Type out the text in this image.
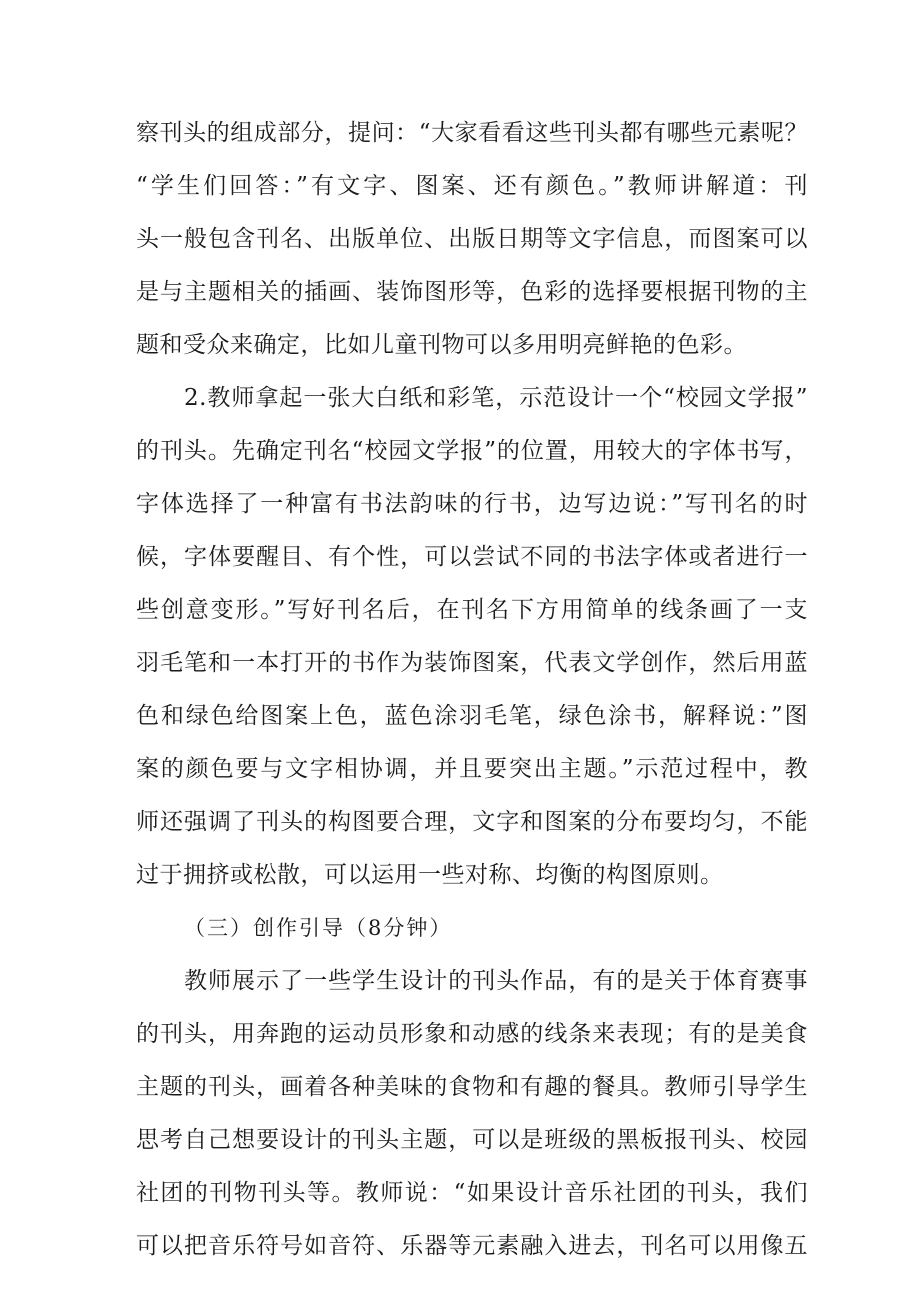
察刊头的组成部分，提问：“大家看看这些刊头都有哪些元素呢？
“学生们回答：”有文字、图案、还有颜色。”教师讲解道：刊
头一般包含刊名、出版单位、出版日期等文字信息，而图案可以
是与主题相关的插画、装饰图形等，色彩的选择要根据刊物的主
题和受众来确定，比如儿童刊物可以多用明亮鲜艳的色彩。
2.教师拿起一张大白纸和彩笔，示范设计一个“校园文学报”
的刊头。先确定刊名“校园文学报”的位置，用较大的字体书写，
字体选择了一种富有书法韵味的行书，边写边说：”写刊名的时
候，字体要醒目、有个性，可以尝试不同的书法字体或者进行一
些创意变形。”写好刊名后，在刊名下方用简单的线条画了一支
羽毛笔和一本打开的书作为装饰图案，代表文学创作，然后用蓝
色和绿色给图案上色，蓝色涂羽毛笔，绿色涂书，解释说：”图
案的颜色要与文字相协调，并且要突出主题。”示范过程中，教
师还强调了刊头的构图要合理，文字和图案的分布要均匀，不能
过于拥挤或松散，可以运用一些对称、均衡的构图原则。
（三）创作引导（8分钟）
教师展示了一些学生设计的刊头作品，有的是关于体育赛事
的刊头，用奔跑的运动员形象和动感的线条来表现；有的是美食
主题的刊头，画着各种美味的食物和有趣的餐具。教师引导学生
思考自己想要设计的刊头主题，可以是班级的黑板报刊头、校园
社团的刊物刊头等。教师说：“如果设计音乐社团的刊头，我们
可以把音乐符号如音符、乐器等元素融入进去，刊名可以用像五
